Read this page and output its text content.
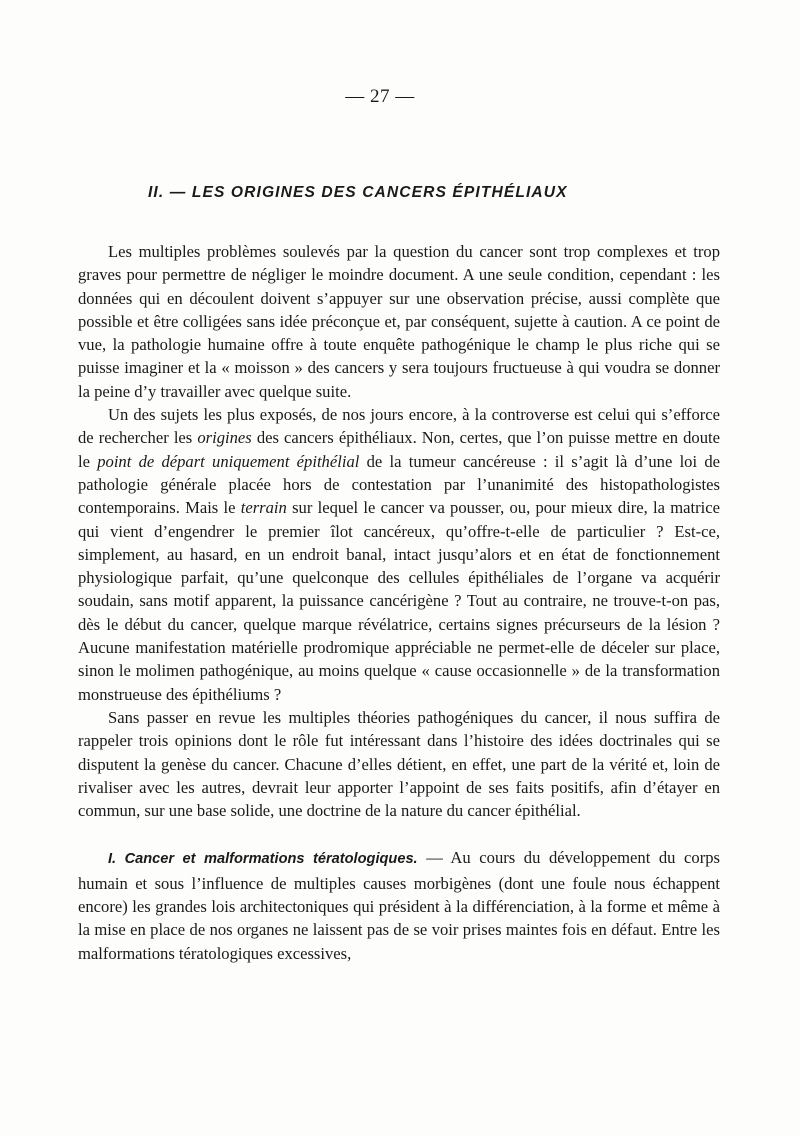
— 27 —
II. — LES ORIGINES DES CANCERS ÉPITHÉLIAUX

Les multiples problèmes soulevés par la question du cancer sont trop complexes et trop graves pour permettre de négliger le moindre document. A une seule condition, cependant : les données qui en découlent doivent s’appuyer sur une observation précise, aussi complète que possible et être colligées sans idée préconçue et, par conséquent, sujette à caution. A ce point de vue, la pathologie humaine offre à toute enquête pathogénique le champ le plus riche qui se puisse imaginer et la « moisson » des cancers y sera toujours fructueuse à qui voudra se donner la peine d’y travailler avec quelque suite.

Un des sujets les plus exposés, de nos jours encore, à la controverse est celui qui s’efforce de rechercher les origines des cancers épithéliaux. Non, certes, que l’on puisse mettre en doute le point de départ uniquement épithélial de la tumeur cancéreuse : il s’agit là d’une loi de pathologie générale placée hors de contestation par l’unanimité des histopathologistes contemporains. Mais le terrain sur lequel le cancer va pousser, ou, pour mieux dire, la matrice qui vient d’engendrer le premier îlot cancéreux, qu’offre-t-elle de particulier ? Est-ce, simplement, au hasard, en un endroit banal, intact jusqu’alors et en état de fonctionnement physiologique parfait, qu’une quelconque des cellules épithéliales de l’organe va acquérir soudain, sans motif apparent, la puissance cancérigène ? Tout au contraire, ne trouve-t-on pas, dès le début du cancer, quelque marque révélatrice, certains signes précurseurs de la lésion ? Aucune manifestation matérielle prodromique appréciable ne permet-elle de déceler sur place, sinon le molimen pathogénique, au moins quelque « cause occasionnelle » de la transformation monstrueuse des épithéliums ?

Sans passer en revue les multiples théories pathogéniques du cancer, il nous suffira de rappeler trois opinions dont le rôle fut intéressant dans l’histoire des idées doctrinales qui se disputent la genèse du cancer. Chacune d’elles détient, en effet, une part de la vérité et, loin de rivaliser avec les autres, devrait leur apporter l’appoint de ses faits positifs, afin d’étayer en commun, sur une base solide, une doctrine de la nature du cancer épithélial.

I. Cancer et malformations tératologiques. — Au cours du développement du corps humain et sous l’influence de multiples causes morbigènes (dont une foule nous échappent encore) les grandes lois architectoniques qui président à la différenciation, à la forme et même à la mise en place de nos organes ne laissent pas de se voir prises maintes fois en défaut. Entre les malformations tératologiques excessives,
